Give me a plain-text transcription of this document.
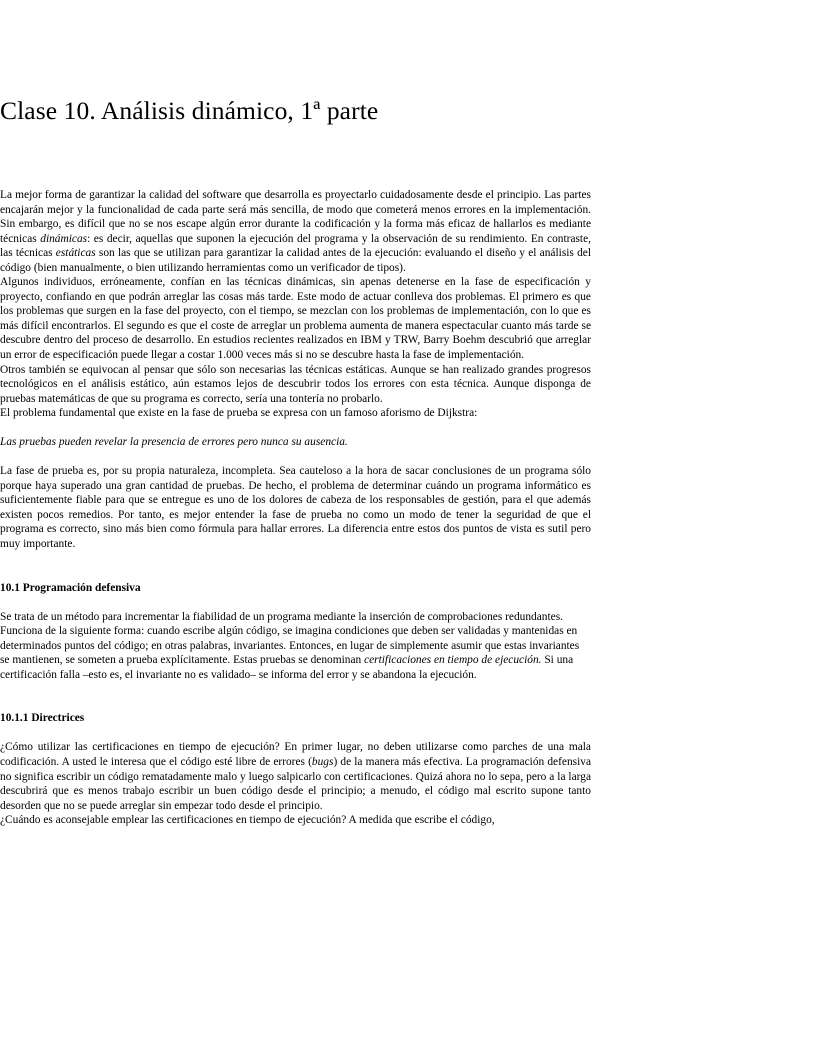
Clase 10. Análisis dinámico, 1ª parte

La mejor forma de garantizar la calidad del software que desarrolla es proyectarlo cuidadosamente desde el principio. Las partes encajarán mejor y la funcionalidad de cada parte será más sencilla, de modo que cometerá menos errores en la implementación. Sin embargo, es difícil que no se nos escape algún error durante la codificación y la forma más eficaz de hallarlos es mediante técnicas dinámicas: es decir, aquellas que suponen la ejecución del programa y la observación de su rendimiento. En contraste, las técnicas estáticas son las que se utilizan para garantizar la calidad antes de la ejecución: evaluando el diseño y el análisis del código (bien manualmente, o bien utilizando herramientas como un verificador de tipos).

Algunos individuos, erróneamente, confían en las técnicas dinámicas, sin apenas detenerse en la fase de especificación y proyecto, confiando en que podrán arreglar las cosas más tarde. Este modo de actuar conlleva dos problemas. El primero es que los problemas que surgen en la fase del proyecto, con el tiempo, se mezclan con los problemas de implementación, con lo que es más difícil encontrarlos. El segundo es que el coste de arreglar un problema aumenta de manera espectacular cuanto más tarde se descubre dentro del proceso de desarrollo. En estudios recientes realizados en IBM y TRW, Barry Boehm descubrió que arreglar un error de especificación puede llegar a costar 1.000 veces más si no se descubre hasta la fase de implementación.

Otros también se equivocan al pensar que sólo son necesarias las técnicas estáticas. Aunque se han realizado grandes progresos tecnológicos en el análisis estático, aún estamos lejos de descubrir todos los errores con esta técnica. Aunque disponga de pruebas matemáticas de que su programa es correcto, sería una tontería no probarlo.

El problema fundamental que existe en la fase de prueba se expresa con un famoso aforismo de Dijkstra:

Las pruebas pueden revelar la presencia de errores pero nunca su ausencia.

La fase de prueba es, por su propia naturaleza, incompleta. Sea cauteloso a la hora de sacar conclusiones de un programa sólo porque haya superado una gran cantidad de pruebas. De hecho, el problema de determinar cuándo un programa informático es suficientemente fiable para que se entregue es uno de los dolores de cabeza de los responsables de gestión, para el que además existen pocos remedios. Por tanto, es mejor entender la fase de prueba no como un modo de tener la seguridad de que el programa es correcto, sino más bien como fórmula para hallar errores. La diferencia entre estos dos puntos de vista es sutil pero muy importante.

10.1 Programación defensiva

Se trata de un método para incrementar la fiabilidad de un programa mediante la inserción de comprobaciones redundantes. Funciona de la siguiente forma: cuando escribe algún código, se imagina condiciones que deben ser validadas y mantenidas en determinados puntos del código; en otras palabras, invariantes. Entonces, en lugar de simplemente asumir que estas invariantes se mantienen, se someten a prueba explícitamente. Estas pruebas se denominan certificaciones en tiempo de ejecución. Si una certificación falla –esto es, el invariante no es validado– se informa del error y se abandona la ejecución.

10.1.1 Directrices

¿Cómo utilizar las certificaciones en tiempo de ejecución? En primer lugar, no deben utilizarse como parches de una mala codificación. A usted le interesa que el código esté libre de errores (bugs) de la manera más efectiva. La programación defensiva no significa escribir un código rematadamente malo y luego salpicarlo con certificaciones. Quizá ahora no lo sepa, pero a la larga descubrirá que es menos trabajo escribir un buen código desde el principio; a menudo, el código mal escrito supone tanto desorden que no se puede arreglar sin empezar todo desde el principio.

¿Cuándo es aconsejable emplear las certificaciones en tiempo de ejecución? A medida que escribe el código,
